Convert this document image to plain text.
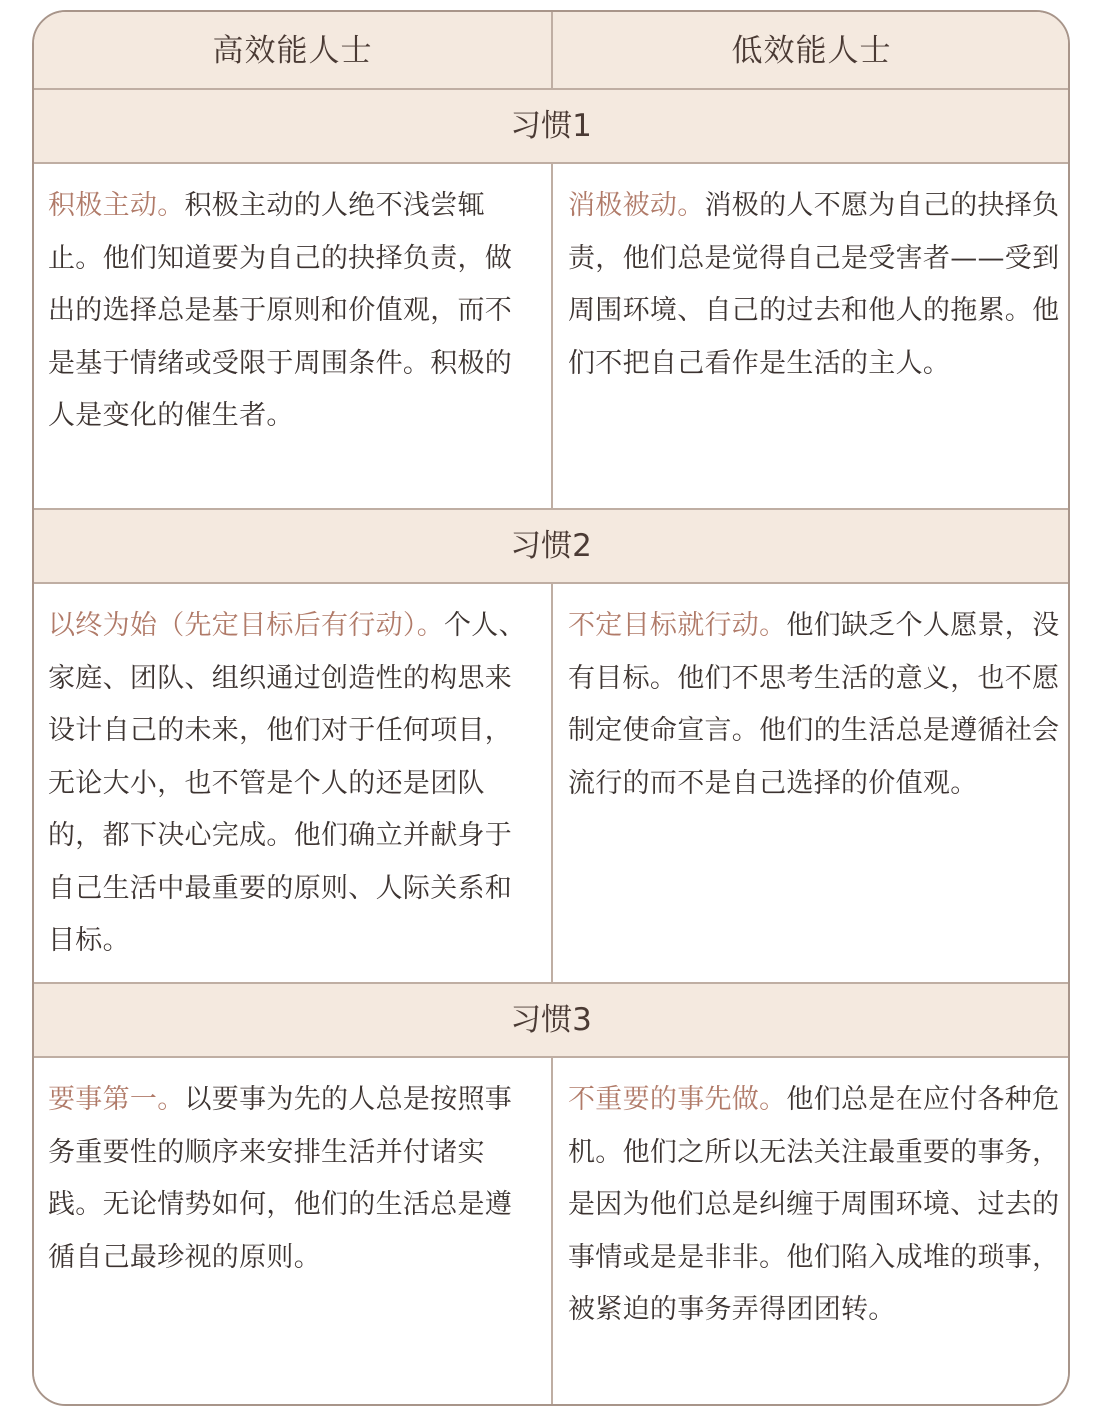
高效能人士	低效能人士
习惯1
积极主动。积极主动的人绝不浅尝辄止。他们知道要为自己的抉择负责，做出的选择总是基于原则和价值观，而不是基于情绪或受限于周围条件。积极的人是变化的催生者。
消极被动。消极的人不愿为自己的抉择负责，他们总是觉得自己是受害者——受到周围环境、自己的过去和他人的拖累。他们不把自己看作是生活的主人。
习惯2
以终为始（先定目标后有行动）。个人、家庭、团队、组织通过创造性的构思来设计自己的未来，他们对于任何项目，无论大小，也不管是个人的还是团队的，都下决心完成。他们确立并献身于自己生活中最重要的原则、人际关系和目标。
不定目标就行动。他们缺乏个人愿景，没有目标。他们不思考生活的意义，也不愿制定使命宣言。他们的生活总是遵循社会流行的而不是自己选择的价值观。
习惯3
要事第一。以要事为先的人总是按照事务重要性的顺序来安排生活并付诸实践。无论情势如何，他们的生活总是遵循自己最珍视的原则。
不重要的事先做。他们总是在应付各种危机。他们之所以无法关注最重要的事务，是因为他们总是纠缠于周围环境、过去的事情或是是非非。他们陷入成堆的琐事，被紧迫的事务弄得团团转。
